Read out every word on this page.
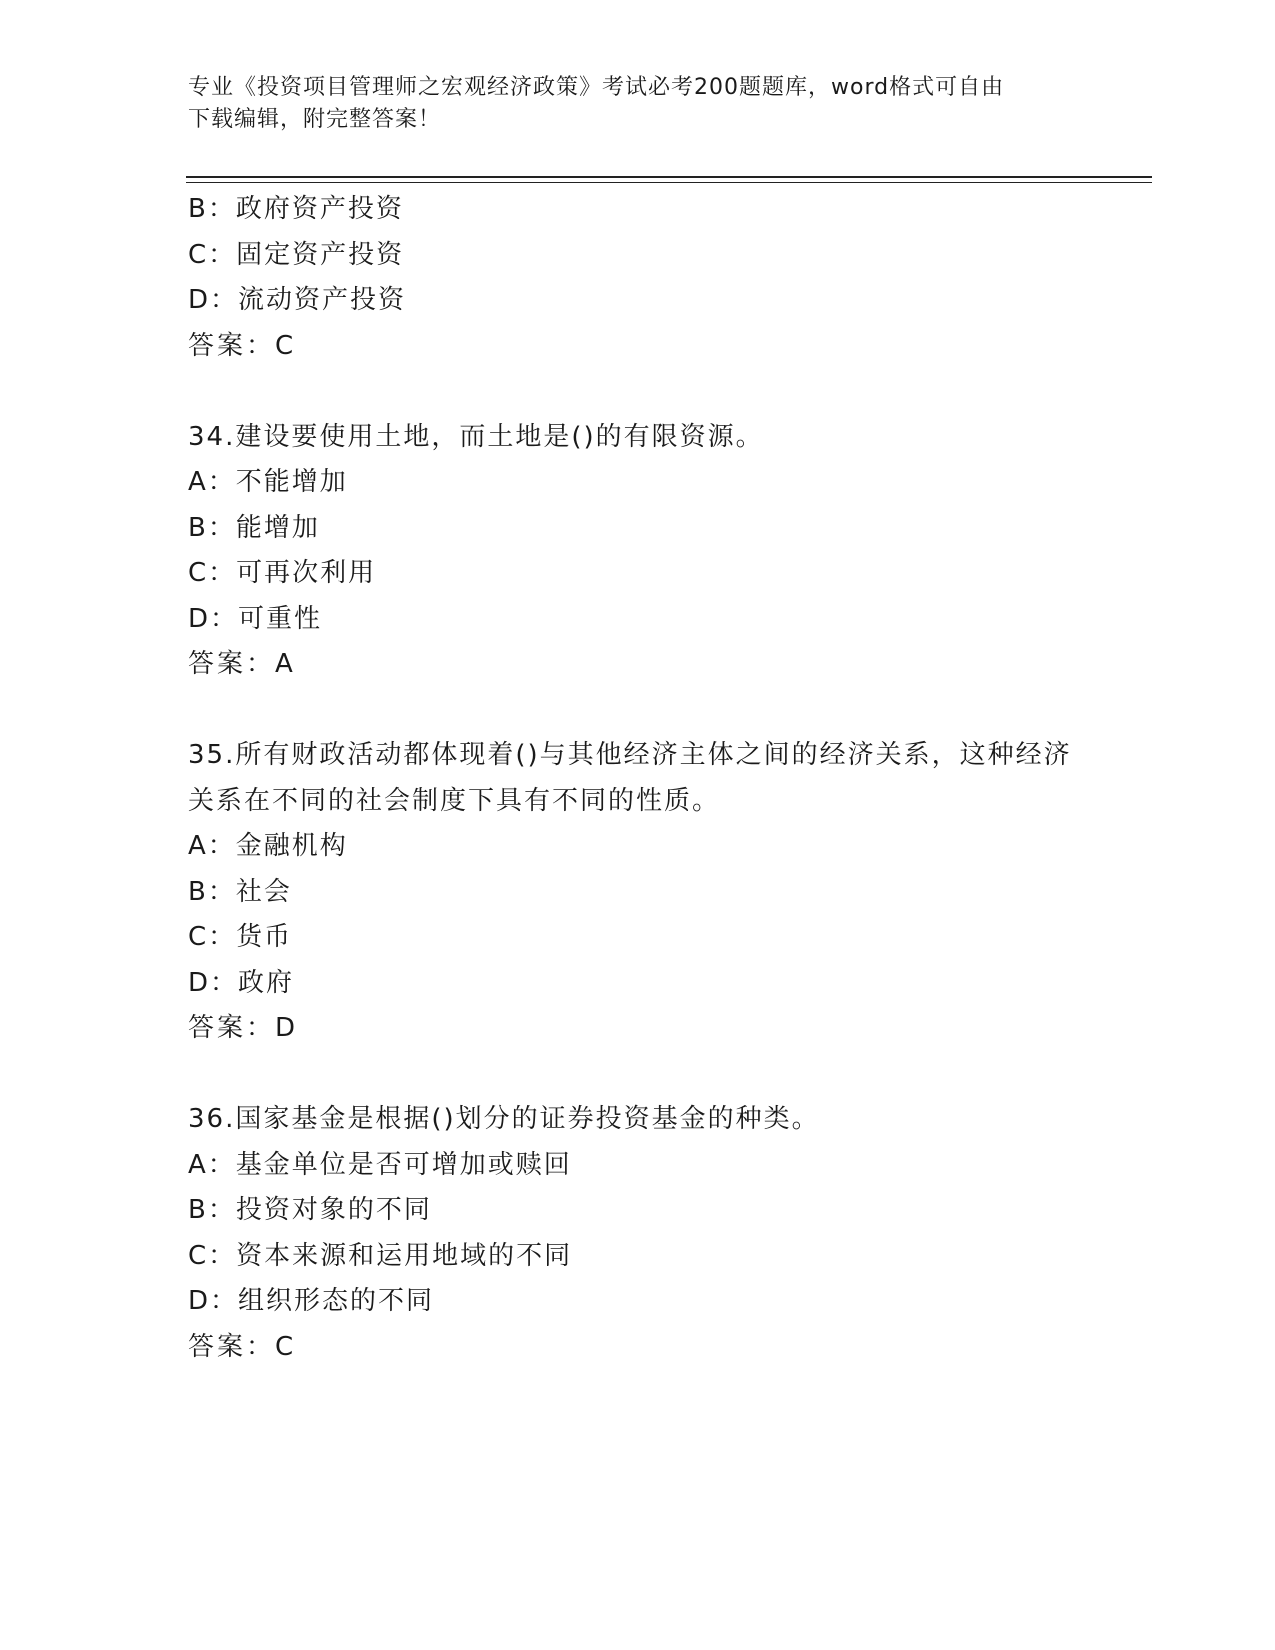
专业《投资项目管理师之宏观经济政策》考试必考200题题库，word格式可自由
下载编辑，附完整答案！
B：政府资产投资
C：固定资产投资
D：流动资产投资
答案：C
34.建设要使用土地，而土地是()的有限资源。
A：不能增加
B：能增加
C：可再次利用
D：可重性
答案：A
35.所有财政活动都体现着()与其他经济主体之间的经济关系，这种经济关系在不同的社会制度下具有不同的性质。
A：金融机构
B：社会
C：货币
D：政府
答案：D
36.国家基金是根据()划分的证券投资基金的种类。
A：基金单位是否可增加或赎回
B：投资对象的不同
C：资本来源和运用地域的不同
D：组织形态的不同
答案：C
